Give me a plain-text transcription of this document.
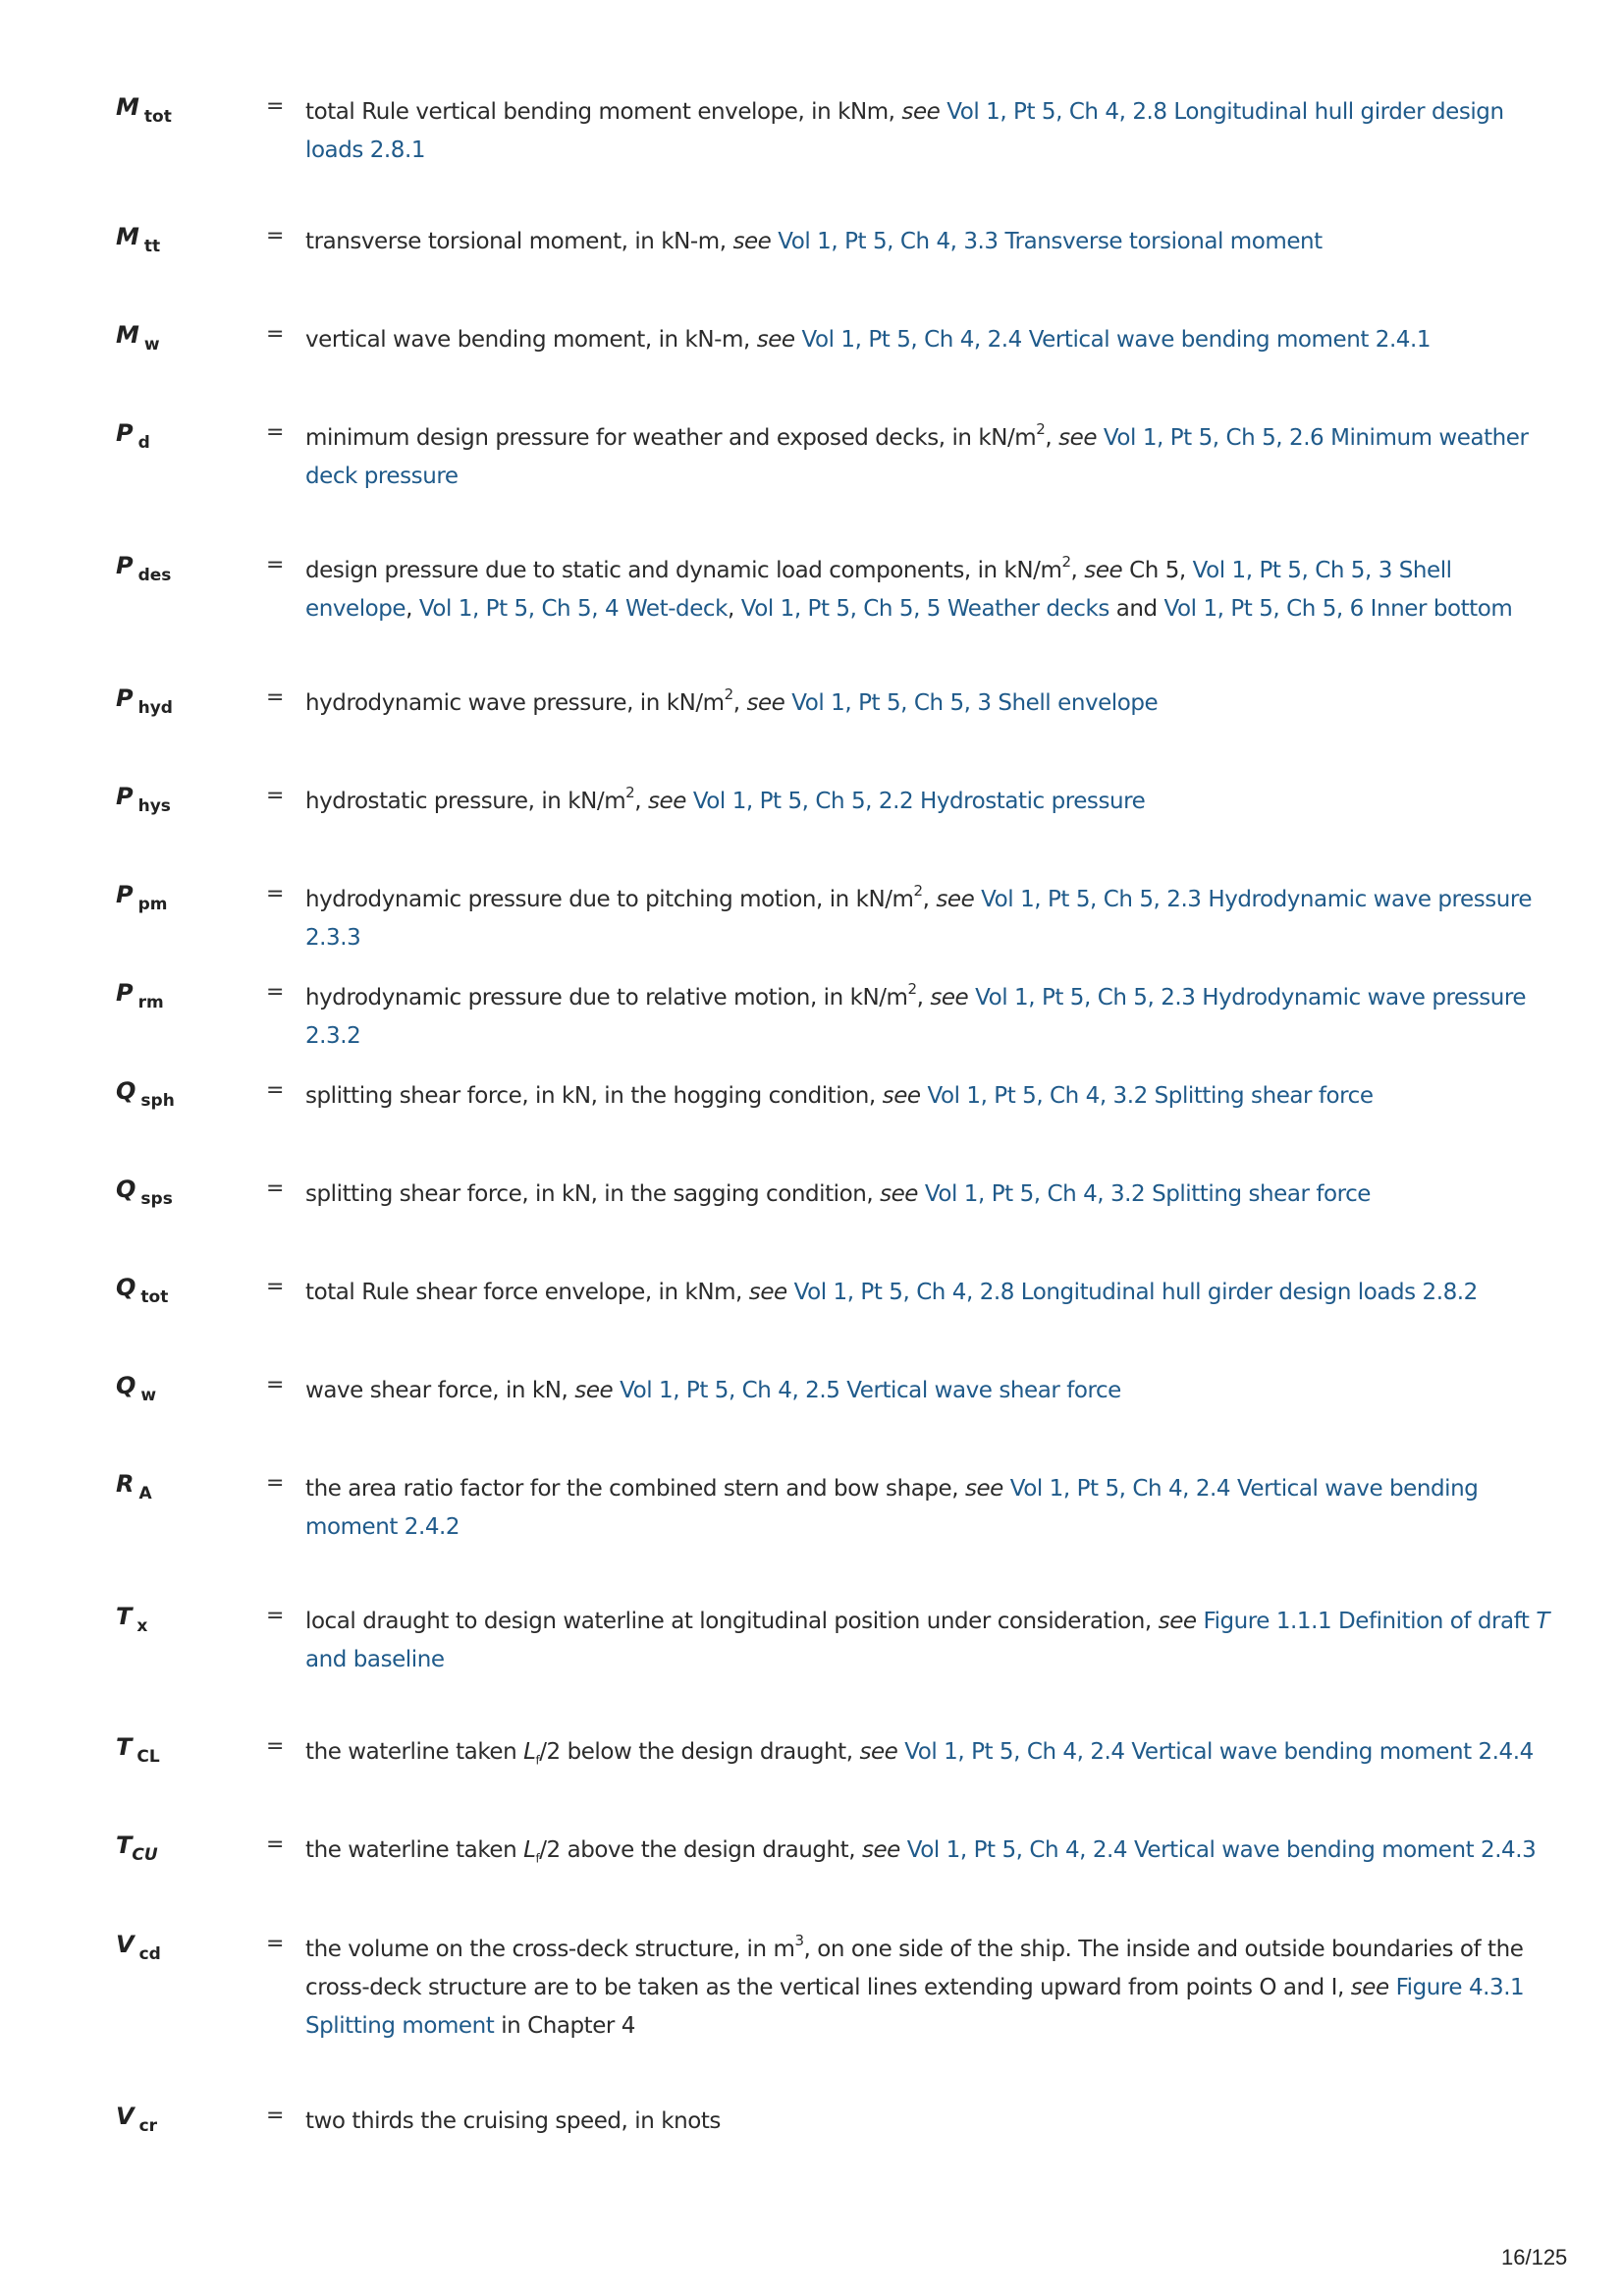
M $_{tot}$	= total Rule vertical bending moment envelope, in kNm, see Vol 1, Pt 5, Ch 4, 2.8 Longitudinal hull girder design loads 2.8.1
M $_{tt}$	= transverse torsional moment, in kN-m, see Vol 1, Pt 5, Ch 4, 3.3 Transverse torsional moment
M $_w$	= vertical wave bending moment, in kN-m, see Vol 1, Pt 5, Ch 4, 2.4 Vertical wave bending moment 2.4.1
P $_d$	= minimum design pressure for weather and exposed decks, in $kN/m^2$, see Vol 1, Pt 5, Ch 5, 2.6 Minimum weather deck pressure
P $_{des}$	= design pressure due to static and dynamic load components, in $kN/m^2$, see Ch 5, Vol 1, Pt 5, Ch 5, 3 Shell envelope, Vol 1, Pt 5, Ch 5, 4 Wet-deck, Vol 1, Pt 5, Ch 5, 5 Weather decks and Vol 1, Pt 5, Ch 5, 6 Inner bottom
P $_{hyd}$	= hydrodynamic wave pressure, in $kN/m^2$, see Vol 1, Pt 5, Ch 5, 3 Shell envelope
P $_{hys}$	= hydrostatic pressure, in $kN/m^2$, see Vol 1, Pt 5, Ch 5, 2.2 Hydrostatic pressure
P $_{pm}$	= hydrodynamic pressure due to pitching motion, in $kN/m^2$, see Vol 1, Pt 5, Ch 5, 2.3 Hydrodynamic wave pressure 2.3.3
P $_{rm}$	= hydrodynamic pressure due to relative motion, in $kN/m^2$, see Vol 1, Pt 5, Ch 5, 2.3 Hydrodynamic wave pressure 2.3.2
Q $_{sph}$	= splitting shear force, in kN, in the hogging condition, see Vol 1, Pt 5, Ch 4, 3.2 Splitting shear force
Q $_{sps}$	= splitting shear force, in kN, in the sagging condition, see Vol 1, Pt 5, Ch 4, 3.2 Splitting shear force
Q $_{tot}$	= total Rule shear force envelope, in kNm, see Vol 1, Pt 5, Ch 4, 2.8 Longitudinal hull girder design loads 2.8.2
Q $_w$	= wave shear force, in kN, see Vol 1, Pt 5, Ch 4, 2.5 Vertical wave shear force
R $_A$	= the area ratio factor for the combined stern and bow shape, see Vol 1, Pt 5, Ch 4, 2.4 Vertical wave bending moment 2.4.2
T $_x$	= local draught to design waterline at longitudinal position under consideration, see Figure 1.1.1 Definition of draft T and baseline
T $_{CL}$	= the waterline taken $L_f/2$ below the design draught, see Vol 1, Pt 5, Ch 4, 2.4 Vertical wave bending moment 2.4.4
$T_{CU}$	= the waterline taken $L_f/2$ above the design draught, see Vol 1, Pt 5, Ch 4, 2.4 Vertical wave bending moment 2.4.3
V $_{cd}$	= the volume on the cross-deck structure, in $m^3$, on one side of the ship. The inside and outside boundaries of the cross-deck structure are to be taken as the vertical lines extending upward from points O and I, see Figure 4.3.1 Splitting moment in Chapter 4
V $_{cr}$	= two thirds the cruising speed, in knots
16/125
